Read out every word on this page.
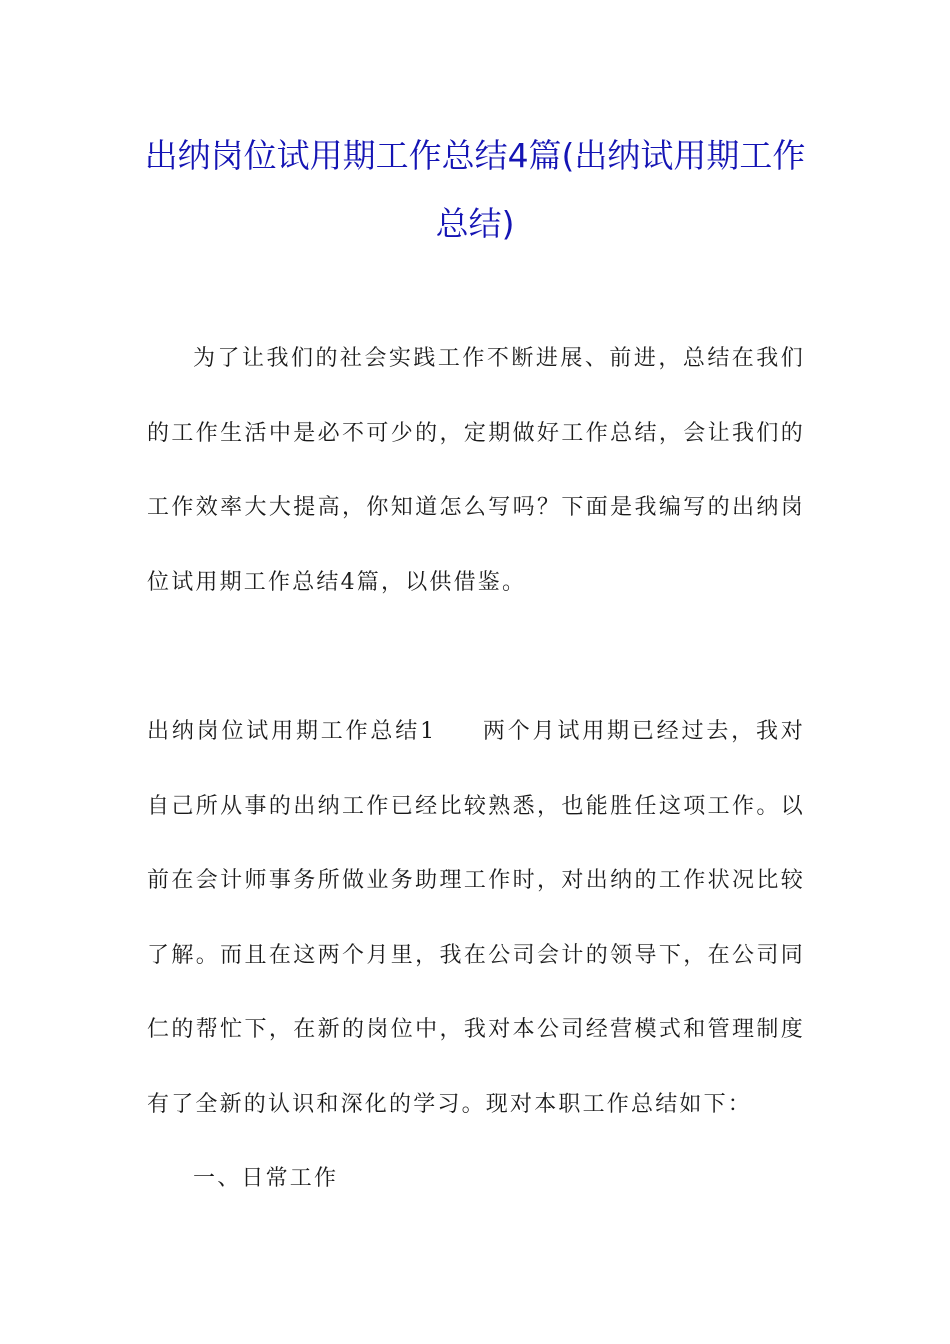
出纳岗位试用期工作总结4篇(出纳试用期工作总结)

为了让我们的社会实践工作不断进展、前进，总结在我们的工作生活中是必不可少的，定期做好工作总结，会让我们的工作效率大大提高，你知道怎么写吗？下面是我编写的出纳岗位试用期工作总结4篇，以供借鉴。

出纳岗位试用期工作总结1 两个月试用期已经过去，我对自己所从事的出纳工作已经比较熟悉，也能胜任这项工作。以前在会计师事务所做业务助理工作时，对出纳的工作状况比较了解。而且在这两个月里，我在公司会计的领导下，在公司同仁的帮忙下，在新的岗位中，我对本公司经营模式和管理制度有了全新的认识和深化的学习。现对本职工作总结如下：

一、日常工作
